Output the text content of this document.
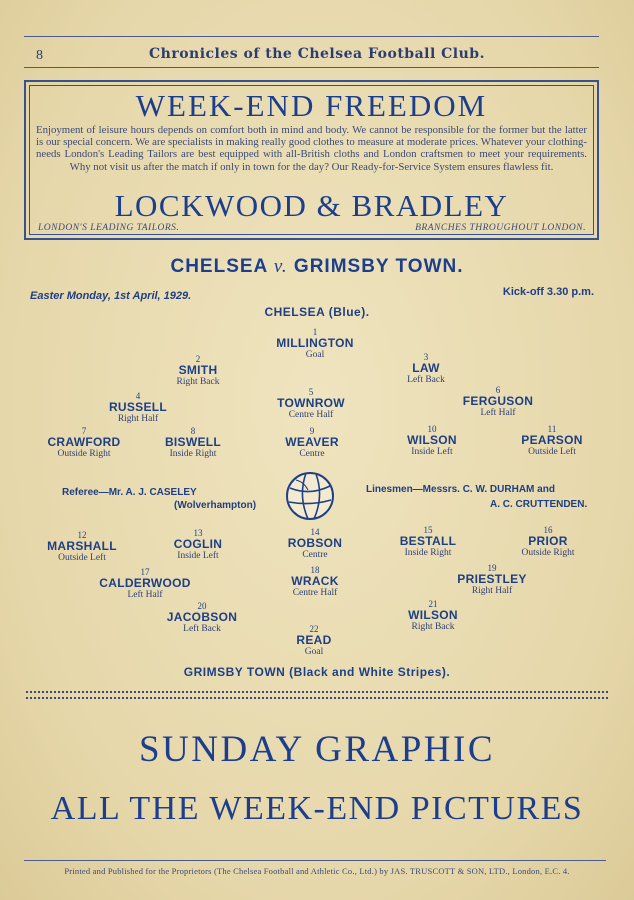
8	Chronicles of the Chelsea Football Club.
WEEK-END FREEDOM
Enjoyment of leisure hours depends on comfort both in mind and body. We cannot be responsible for the former but the latter is our special concern. We are specialists in making really good clothes to measure at moderate prices. Whatever your clothing-needs London's Leading Tailors are best equipped with all-British cloths and London craftsmen to meet your requirements. Why not visit us after the match if only in town for the day? Our Ready-for-Service System ensures flawless fit.
LOCKWOOD & BRADLEY
LONDON'S LEADING TAILORS.	BRANCHES THROUGHOUT LONDON.
CHELSEA v. GRIMSBY TOWN.
Easter Monday, 1st April, 1929.	Kick-off 3.30 p.m.
CHELSEA (Blue).
1
MILLINGTON
Goal
2
SMITH
Right Back
3
LAW
Left Back
4
RUSSELL
Right Half
5
TOWNROW
Centre Half
6
FERGUSON
Left Half
7
CRAWFORD
Outside Right
8
BISWELL
Inside Right
9
WEAVER
Centre
10
WILSON
Inside Left
11
PEARSON
Outside Left
Referee—Mr. A. J. CASELEY
(Wolverhampton)
Linesmen—Messrs. C. W. DURHAM and
A. C. CRUTTENDEN.
12
MARSHALL
Outside Left
13
COGLIN
Inside Left
14
ROBSON
Centre
15
BESTALL
Inside Right
16
PRIOR
Outside Right
17
CALDERWOOD
Left Half
18
WRACK
Centre Half
19
PRIESTLEY
Right Half
20
JACOBSON
Left Back
21
WILSON
Right Back
22
READ
Goal
GRIMSBY TOWN (Black and White Stripes).
SUNDAY GRAPHIC
ALL THE WEEK-END PICTURES
Printed and Published for the Proprietors (The Chelsea Football and Athletic Co., Ltd.) by JAS. TRUSCOTT & SON, LTD., London, E.C. 4.
